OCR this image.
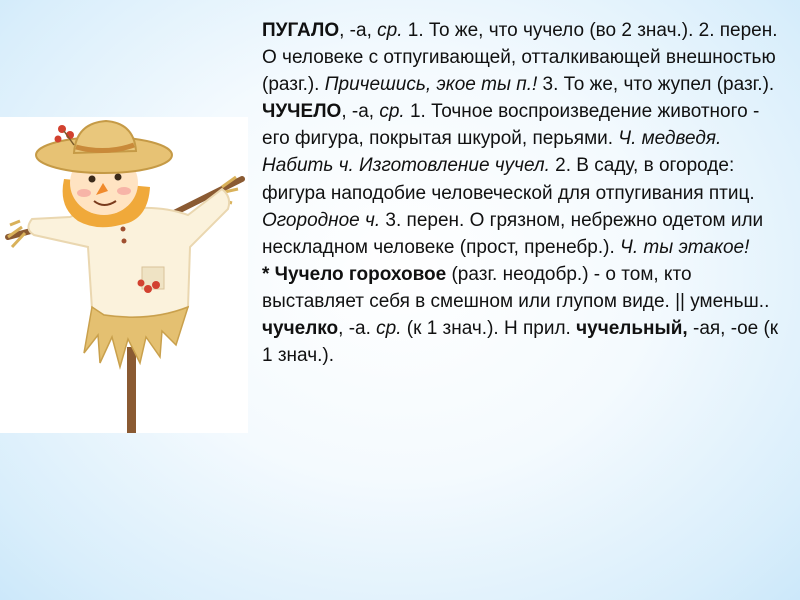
ПУГАЛО, -а, ср. 1. То же, что чучело (во 2 знач.). 2. перен. О человеке с отпугивающей, отталкивающей внешностью (разг.). Причешись, экое ты п.! 3. То же, что жупел (разг.).

ЧУЧЕЛО, -а, ср. 1. Точное воспроизведение животного - его фигура, покрытая шкурой, перьями. Ч. медведя. Набить ч. Изготовление чучел. 2. В саду, в огороде: фигура наподобие человеческой для отпугивания птиц. Огородное ч. 3. перен. О грязном, небрежно одетом или нескладном человеке (прост, пренебр.). Ч. ты этакое!

* Чучело гороховое (разг. неодобр.) - о том, кто выставляет себя в смешном или глупом виде. || уменьш.. чучелко, -а. ср. (к 1 знач.). Н прил. чучельный, -ая, -ое (к 1 знач.).
